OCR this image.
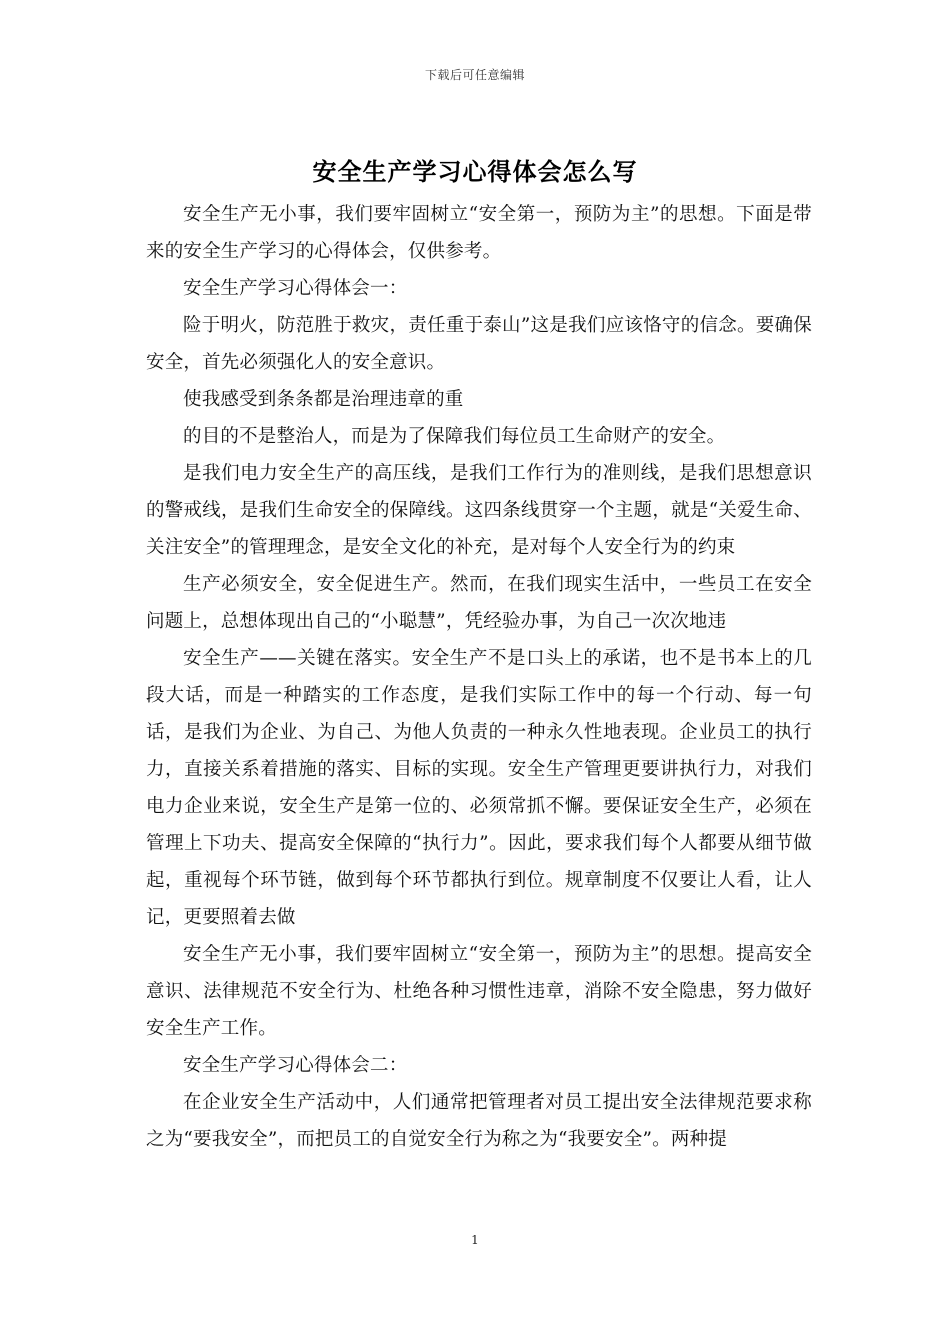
下载后可任意编辑
安全生产学习心得体会怎么写

安全生产无小事，我们要牢固树立“安全第一，预防为主”的思想。下面是带来的安全生产学习的心得体会，仅供参考。

安全生产学习心得体会一：

险于明火，防范胜于救灾，责任重于泰山”这是我们应该恪守的信念。要确保安全，首先必须强化人的安全意识。

使我感受到条条都是治理违章的重

的目的不是整治人，而是为了保障我们每位员工生命财产的安全。

是我们电力安全生产的高压线，是我们工作行为的准则线，是我们思想意识的警戒线，是我们生命安全的保障线。这四条线贯穿一个主题，就是“关爱生命、关注安全”的管理理念，是安全文化的补充，是对每个人安全行为的约束

生产必须安全，安全促进生产。然而，在我们现实生活中，一些员工在安全问题上，总想体现出自己的“小聪慧”，凭经验办事，为自己一次次地违

安全生产——关键在落实。安全生产不是口头上的承诺，也不是书本上的几段大话，而是一种踏实的工作态度，是我们实际工作中的每一个行动、每一句话，是我们为企业、为自己、为他人负责的一种永久性地表现。企业员工的执行力，直接关系着措施的落实、目标的实现。安全生产管理更要讲执行力，对我们电力企业来说，安全生产是第一位的、必须常抓不懈。要保证安全生产，必须在管理上下功夫、提高安全保障的“执行力”。因此，要求我们每个人都要从细节做起，重视每个环节链，做到每个环节都执行到位。规章制度不仅要让人看，让人记，更要照着去做

安全生产无小事，我们要牢固树立“安全第一，预防为主”的思想。提高安全意识、法律规范不安全行为、杜绝各种习惯性违章，消除不安全隐患，努力做好安全生产工作。

安全生产学习心得体会二：

在企业安全生产活动中，人们通常把管理者对员工提出安全法律规范要求称之为“要我安全”，而把员工的自觉安全行为称之为“我要安全”。两种提

1
